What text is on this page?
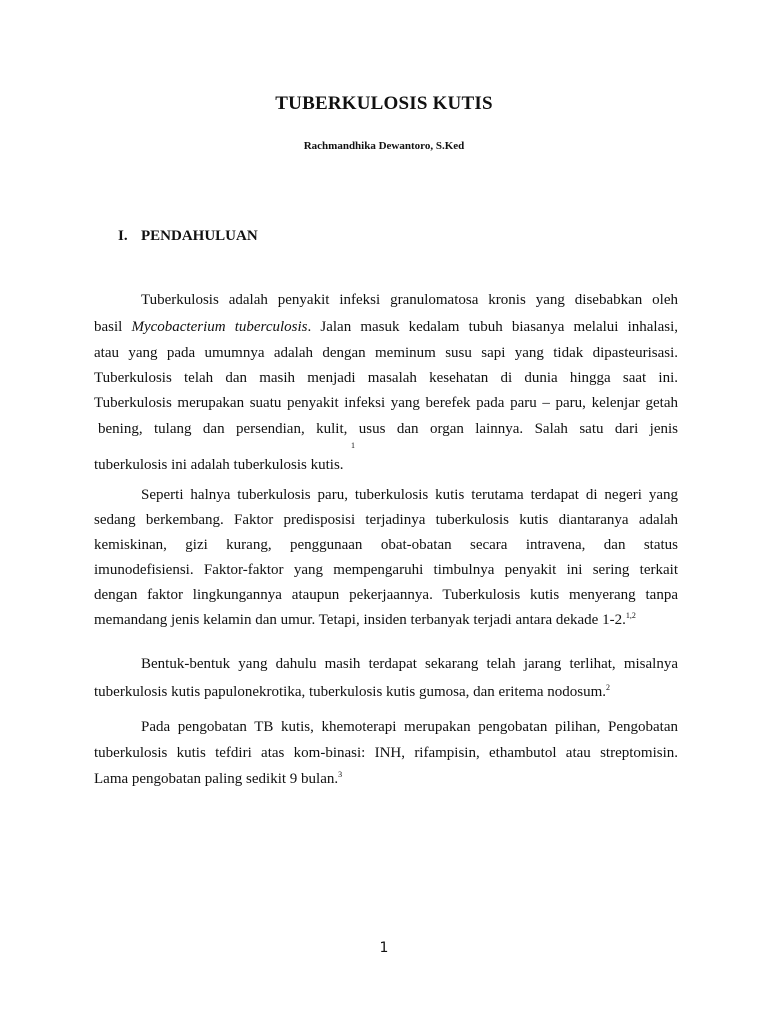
TUBERKULOSIS KUTIS

Rachmandhika Dewantoro, S.Ked

I. PENDAHULUAN

Tuberkulosis adalah penyakit infeksi granulomatosa kronis yang disebabkan oleh

basil Mycobacterium tuberculosis. Jalan masuk kedalam tubuh biasanya melalui inhalasi,

atau yang pada umumnya adalah dengan meminum susu sapi yang tidak dipasteurisasi.

Tuberkulosis telah dan masih menjadi masalah kesehatan di dunia hingga saat ini.

Tuberkulosis merupakan suatu penyakit infeksi yang berefek pada paru – paru, kelenjar getah

bening, tulang dan persendian, kulit, usus dan organ lainnya. Salah satu dari jenis

1

tuberkulosis ini adalah tuberkulosis kutis.

Seperti halnya tuberkulosis paru, tuberkulosis kutis terutama terdapat di negeri yang

sedang berkembang. Faktor predisposisi terjadinya tuberkulosis kutis diantaranya adalah

kemiskinan, gizi kurang, penggunaan obat-obatan secara intravena, dan status

imunodefisiensi. Faktor-faktor yang mempengaruhi timbulnya penyakit ini sering terkait

dengan faktor lingkungannya ataupun pekerjaannya. Tuberkulosis kutis menyerang tanpa

memandang jenis kelamin dan umur. Tetapi, insiden terbanyak terjadi antara dekade 1-2.$^{1,2}$

Bentuk-bentuk yang dahulu masih terdapat sekarang telah jarang terlihat, misalnya

tuberkulosis kutis papulonekrotika, tuberkulosis kutis gumosa, dan eritema nodosum.$^2$

Pada pengobatan TB kutis, khemoterapi merupakan pengobatan pilihan, Pengobatan

tuberkulosis kutis tefdiri atas kom-binasi: INH, rifampisin, ethambutol atau streptomisin.

Lama pengobatan paling sedikit 9 bulan.$^3$

1
